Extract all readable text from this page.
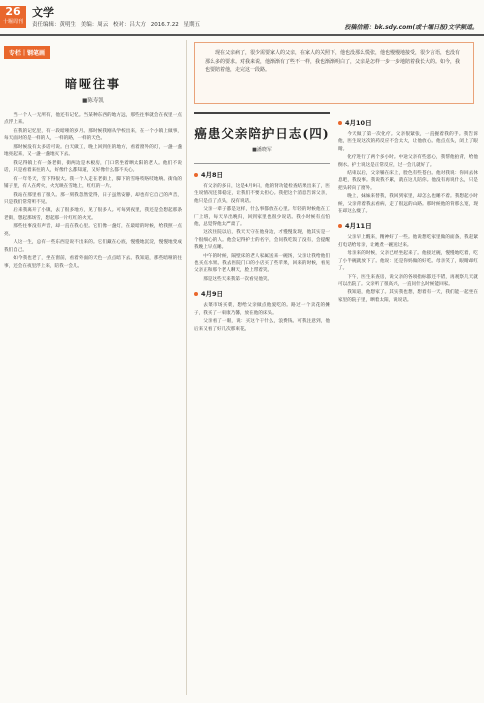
26
十堰周刊
文学
责任编辑：黄明生 美编：周云 校对：吕大方 2016.7.22 星期五	投稿信箱：bk.sdy.com(或十堰日报)文学频道。
专栏｜钢笔画
暗哑往事
■陈寿凯

当一个人一无所有，他还有记忆。当某种东西的地方远，那些往事就会在夜里一点点浮上来。

在我的记忆里，有一段暗哑的岁月。那时候我刚从学校出来，在一个小镇上做事，每天面对的是一样的人，一样的路，一样的天色。

那时候没有太多话可说。白天做工，晚上回到住的地方，看着窗外的灯，一盏一盏地亮起来，又一盏一盏地灭下去。

我记得镇上有一条老街，街两边是木板房，门口常坐着晒太阳的老人。他们不说话，只是看着来往的人，好像什么都知道，又好像什么都不关心。

有一年冬天，雪下得很大。我一个人走在老街上，脚下的雪咯吱咯吱地响。街角的铺子里，有人在烤火，火光映在雪地上，红红的一片。

我站在那里看了很久。那一刻我忽然觉得，日子虽然安静，却也有它自己的声音，只是我们常常听不见。

后来我离开了小镇，去了很多地方，见了很多人。可每到夜里，我还是会想起那条老街，想起那场雪，想起那一片红红的火光。

那些往事没有声音，却一直在我心里。它们像一盏灯，在最暗的时候，给我照一点亮。

人这一生，总有一些东西是说不出来的。它们藏在心底，慢慢地沉淀，慢慢地变成我们自己。

如今我也老了，坐在窗前，看着外面的天色一点点暗下去。我知道，那些暗哑的往事，还会在夜里浮上来，陪我一会儿。

现在父亲病了，很少需要家人的父亲，在家人的关照下，他也没那么慌张，他也慢慢地接受，很少言语，也没有那么多的要求。对我来说，他渐渐有了些不一样，我也渐渐明白了，父亲是怎样一步一步地陪着我长大的。如今，我也要陪着他，走完这一段路。

癌患父亲陪护日志(四)
■潘晓军
4月8日

有父亲的多日，这是4月9日，他的肾功能检查结果出来了，医生说情况还算稳定，让我们不要太担心。我把这个消息告诉父亲，他只是点了点头，没有说话。

父亲一辈子都是这样，什么事都放在心里。年轻的时候他在工厂上班，每天早出晚归，回到家里也很少说话。我小时候有点怕他，总觉得他太严肃了。

这次住院以后，我天天守在他身边，才慢慢发现，他其实是一个很细心的人。他会记得护士的名字，会问我吃饭了没有，会提醒我晚上早点睡。

中午的时候，隔壁床的老人家属送来一碗汤，父亲让我给他们也买点水果。我去医院门口的小店买了些苹果，回来的时候，看见父亲正和那个老人聊天，脸上带着笑。

那是这些天来我第一次看见他笑。

4月9日

去菜市场买菜，想给父亲做点他爱吃的。路过一个卖花的摊子，我买了一束康乃馨，放在他的床头。

父亲看了一眼，说：买这个干什么，浪费钱。可我注意到，他后来又看了好几次那束花。

4月10日

今天做了第一次化疗。父亲很紧张，一直握着我的手。我告诉他，医生说这次的药反应不会太大，让他放心。他点点头，闭上了眼睛。

化疗进行了两个多小时。中途父亲有些恶心，我帮他拍背，给他倒水。护士说这是正常反应，过一会儿就好了。

结束以后，父亲躺在床上，脸色有些苍白。他对我说：你回去休息吧，我没事。我说我不累，就在这儿陪你。他没有再说什么，只是把头转向了窗外。

晚上，妹妹来替我，我回到家里，却怎么也睡不着。我想起小时候，父亲背着我去看病，走了很远的山路。那时候他的背那么宽，现在却这么瘦了。

4月11日

父亲早上醒来，精神好了一些。他说想吃家里做的面条，我赶紧打电话给母亲，让她煮一碗送过来。

母亲来的时候，父亲已经坐起来了。他接过碗，慢慢地吃着，吃了小半碗就放下了。他说：还是你妈做的好吃。母亲笑了，眼睛却红了。

下午，医生来查房，说父亲的各项指标都还不错，再观察几天就可以出院了。父亲听了很高兴，一直问什么时候能回家。

我知道，他想家了。其实我也想，想着有一天，我们能一起坐在家里的院子里，晒着太阳，说说话。
